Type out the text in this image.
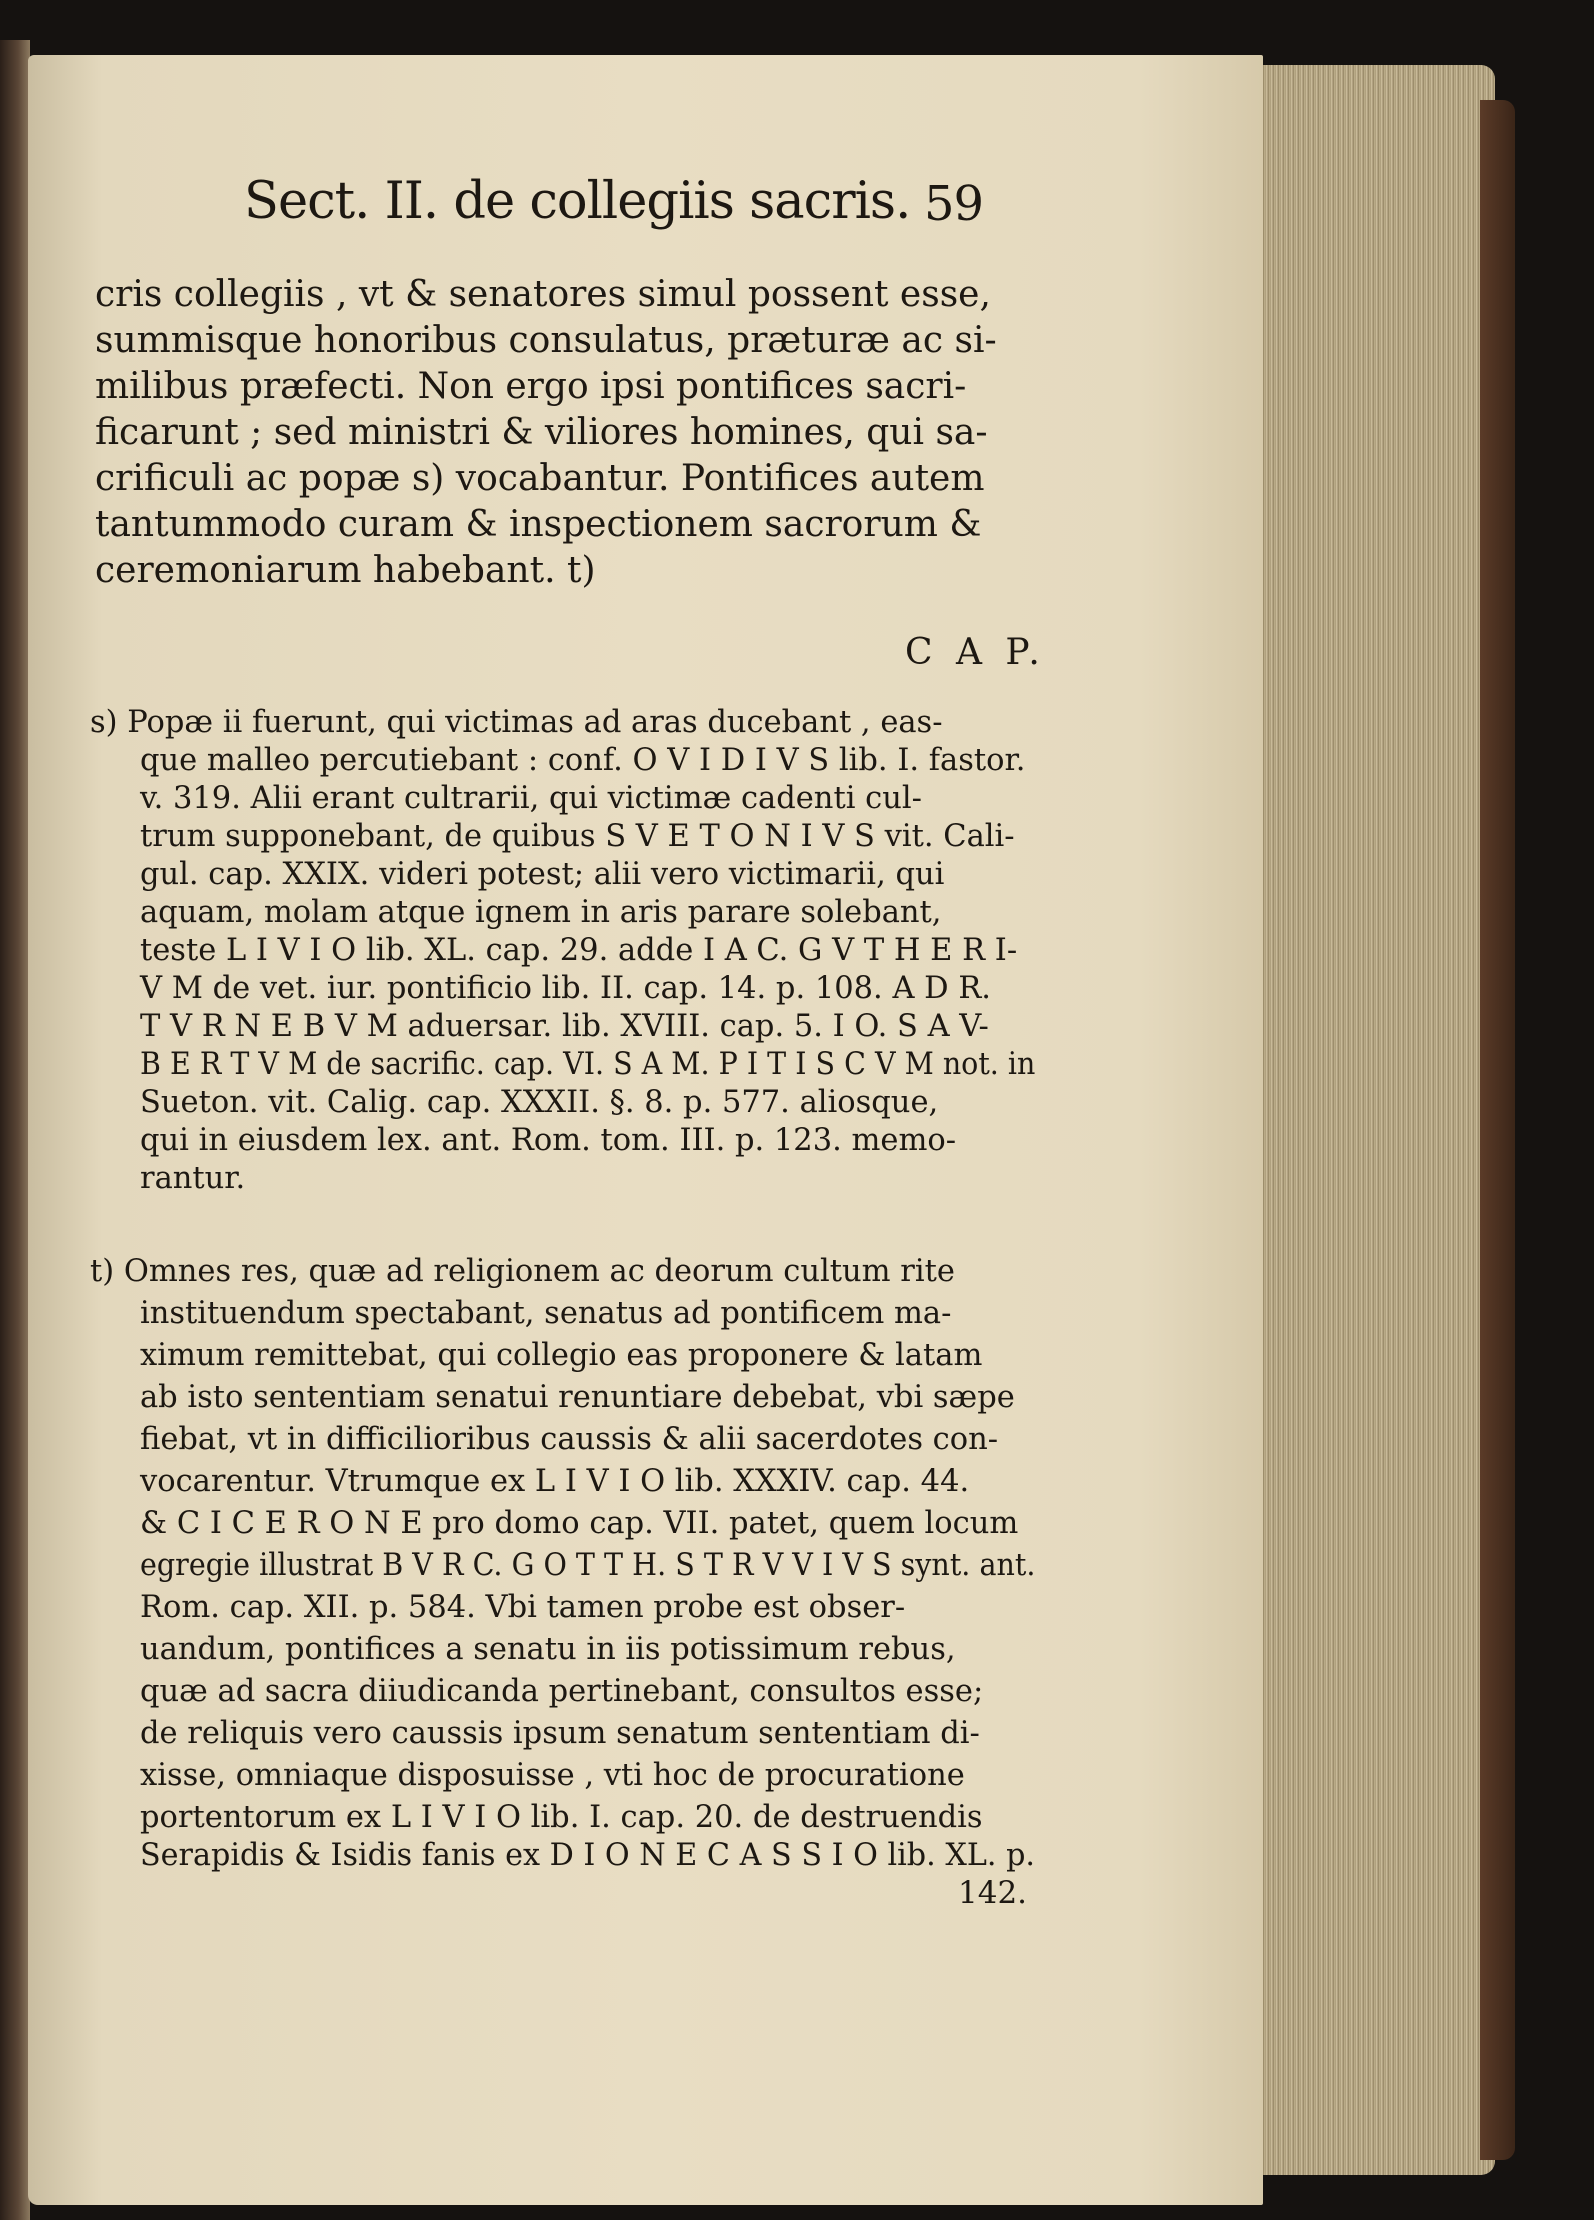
Sect. II. de collegiis sacris. 59
cris collegiis , vt & senatores simul possent esse,
summisque honoribus consulatus, præturæ ac si-
milibus præfecti. Non ergo ipsi pontifices sacri-
ficarunt ; sed ministri & viliores homines, qui sa-
crificuli ac popæ s) vocabantur. Pontifices autem
tantummodo curam & inspectionem sacrorum &
ceremoniarum habebant. t)
C A P.
s) Popæ ii fuerunt, qui victimas ad aras ducebant , eas-
que malleo percutiebant : conf. O V I D I V S lib. I. fastor.
v. 319. Alii erant cultrarii, qui victimæ cadenti cul-
trum supponebant, de quibus S V E T O N I V S vit. Cali-
gul. cap. XXIX. videri potest; alii vero victimarii, qui
aquam, molam atque ignem in aris parare solebant,
teste L I V I O lib. XL. cap. 29. adde I A C. G V T H E R I-
V M de vet. iur. pontificio lib. II. cap. 14. p. 108. A D R.
T V R N E B V M aduersar. lib. XVIII. cap. 5. I O. S A V-
B E R T V M de sacrific. cap. VI. S A M. P I T I S C V M not. in
Sueton. vit. Calig. cap. XXXII. §. 8. p. 577. aliosque,
qui in eiusdem lex. ant. Rom. tom. III. p. 123. memo-
rantur.
t) Omnes res, quæ ad religionem ac deorum cultum rite
instituendum spectabant, senatus ad pontificem ma-
ximum remittebat, qui collegio eas proponere & latam
ab isto sententiam senatui renuntiare debebat, vbi sæpe
fiebat, vt in difficilioribus caussis & alii sacerdotes con-
vocarentur. Vtrumque ex L I V I O lib. XXXIV. cap. 44.
& C I C E R O N E pro domo cap. VII. patet, quem locum
egregie illustrat B V R C. G O T T H. S T R V V I V S synt. ant.
Rom. cap. XII. p. 584. Vbi tamen probe est obser-
uandum, pontifices a senatu in iis potissimum rebus,
quæ ad sacra diiudicanda pertinebant, consultos esse;
de reliquis vero caussis ipsum senatum sententiam di-
xisse, omniaque disposuisse , vti hoc de procuratione
portentorum ex L I V I O lib. I. cap. 20. de destruendis
Serapidis & Isidis fanis ex D I O N E C A S S I O lib. XL. p.
142.
